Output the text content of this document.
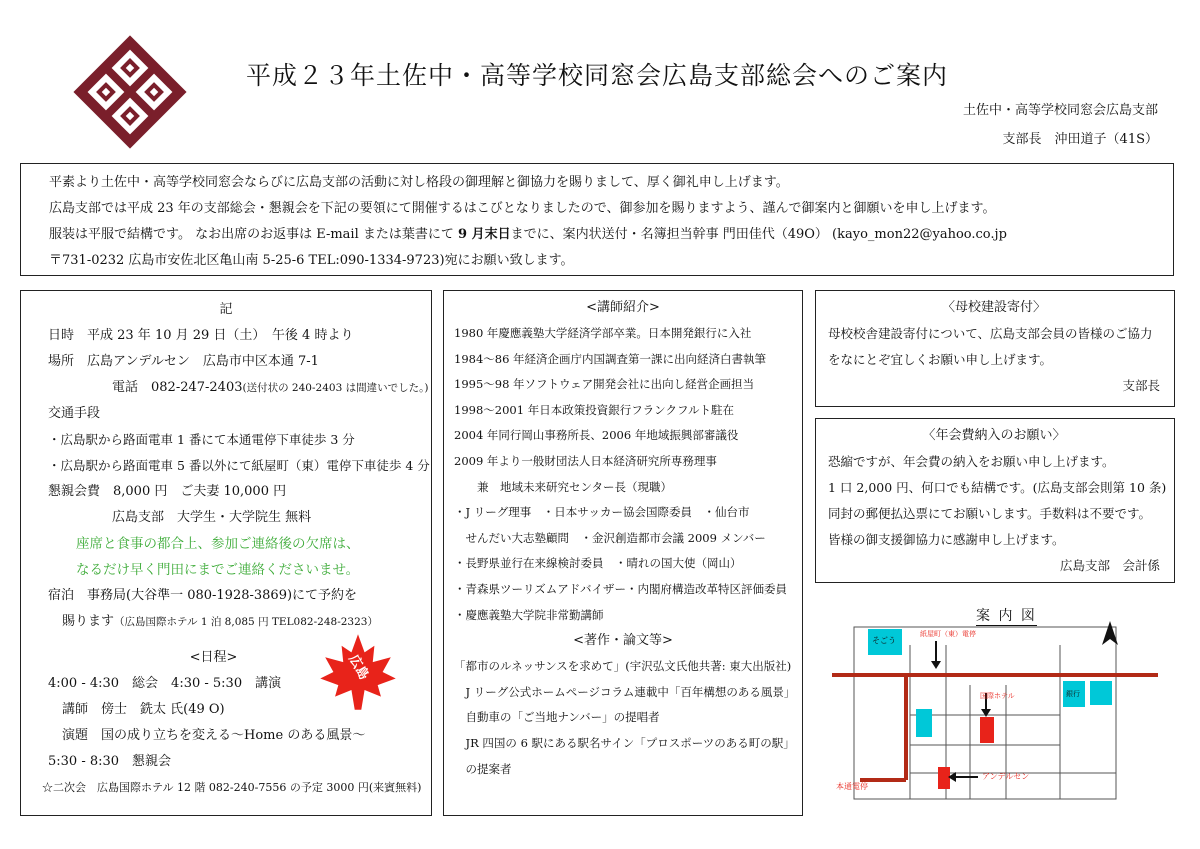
平成２３年土佐中・高等学校同窓会広島支部総会へのご案内
土佐中・高等学校同窓会広島支部
支部長　沖田道子（41S）
平素より土佐中・高等学校同窓会ならびに広島支部の活動に対し格段の御理解と御協力を賜りまして、厚く御礼申し上げます。
広島支部では平成 23 年の支部総会・懇親会を下記の要領にて開催するはこびとなりましたので、御参加を賜りますよう、謹んで御案内と御願いを申し上げます。
服装は平服で結構です。 なお出席のお返事は E-mail または葉書にて 9 月末日までに、案内状送付・名簿担当幹事 門田佳代（49O） (kayo_mon22@yahoo.co.jp
〒731-0232 広島市安佐北区亀山南 5-25-6 TEL:090-1334-9723)宛にお願い致します。
記
日時　平成 23 年 10 月 29 日（土）　午後 4 時より
場所　広島アンデルセン　広島市中区本通 7-1
電話　082-247-2403(送付状の 240-2403 は間違いでした。)
交通手段
・広島駅から路面電車 1 番にて本通電停下車徒歩 3 分
・広島駅から路面電車 5 番以外にて紙屋町（東）電停下車徒歩 4 分
懇親会費　8,000 円　ご夫妻 10,000 円
広島支部　大学生・大学院生 無料
座席と食事の都合上、参加ご連絡後の欠席は、
なるだけ早く門田にまでご連絡くださいませ。
宿泊　事務局(大谷準一 080-1928-3869)にて予約を
賜ります（広島国際ホテル 1 泊 8,085 円 TEL082-248-2323）
<日程>
4:00 - 4:30　総会　4:30 - 5:30　講演
講師　傍士　銑太 氏(49 O)
演題　国の成り立ちを変える～Home のある風景～
5:30 - 8:30　懇親会
☆二次会　広島国際ホテル 12 階 082-240-7556 の予定 3000 円(来賓無料)
広島
<講師紹介>
1980 年慶應義塾大学経済学部卒業。日本開発銀行に入社
1984～86 年経済企画庁内国調査第一課に出向経済白書執筆
1995～98 年ソフトウェア開発会社に出向し経営企画担当
1998～2001 年日本政策投資銀行フランクフルト駐在
2004 年同行岡山事務所長、2006 年地域振興部審議役
2009 年より一般財団法人日本経済研究所専務理事
　　兼　地域未来研究センター長（現職）
・J リーグ理事　・日本サッカー協会国際委員　・仙台市
　せんだい大志塾顧問　・金沢創造都市会議 2009 メンバー
・長野県並行在来線検討委員　・晴れの国大使（岡山）
・青森県ツーリズムアドバイザー・内閣府構造改革特区評価委員
・慶應義塾大学院非常勤講師
<著作・論文等>
「都市のルネッサンスを求めて」(宇沢弘文氏他共著: 東大出版社)
　J リーグ公式ホームページコラム連載中「百年構想のある風景」
　自動車の「ご当地ナンバー」の提唱者
　JR 四国の 6 駅にある駅名サイン「プロスポーツのある町の駅」
　の提案者
〈母校建設寄付〉
母校校舎建設寄付について、広島支部会員の皆様のご協力
をなにとぞ宜しくお願い申し上げます。
支部長
〈年会費納入のお願い〉
恐縮ですが、年会費の納入をお願い申し上げます。
1 口 2,000 円、何口でも結構です。(広島支部会則第 10 条)
同封の郵便払込票にてお願いします。手数料は不要です。
皆様の御支援御協力に感謝申し上げます。
広島支部　会計係
案 内 図
そごう
紙屋町（東）電停
国際ホテル	銀行
本通電停
アンデルセン
